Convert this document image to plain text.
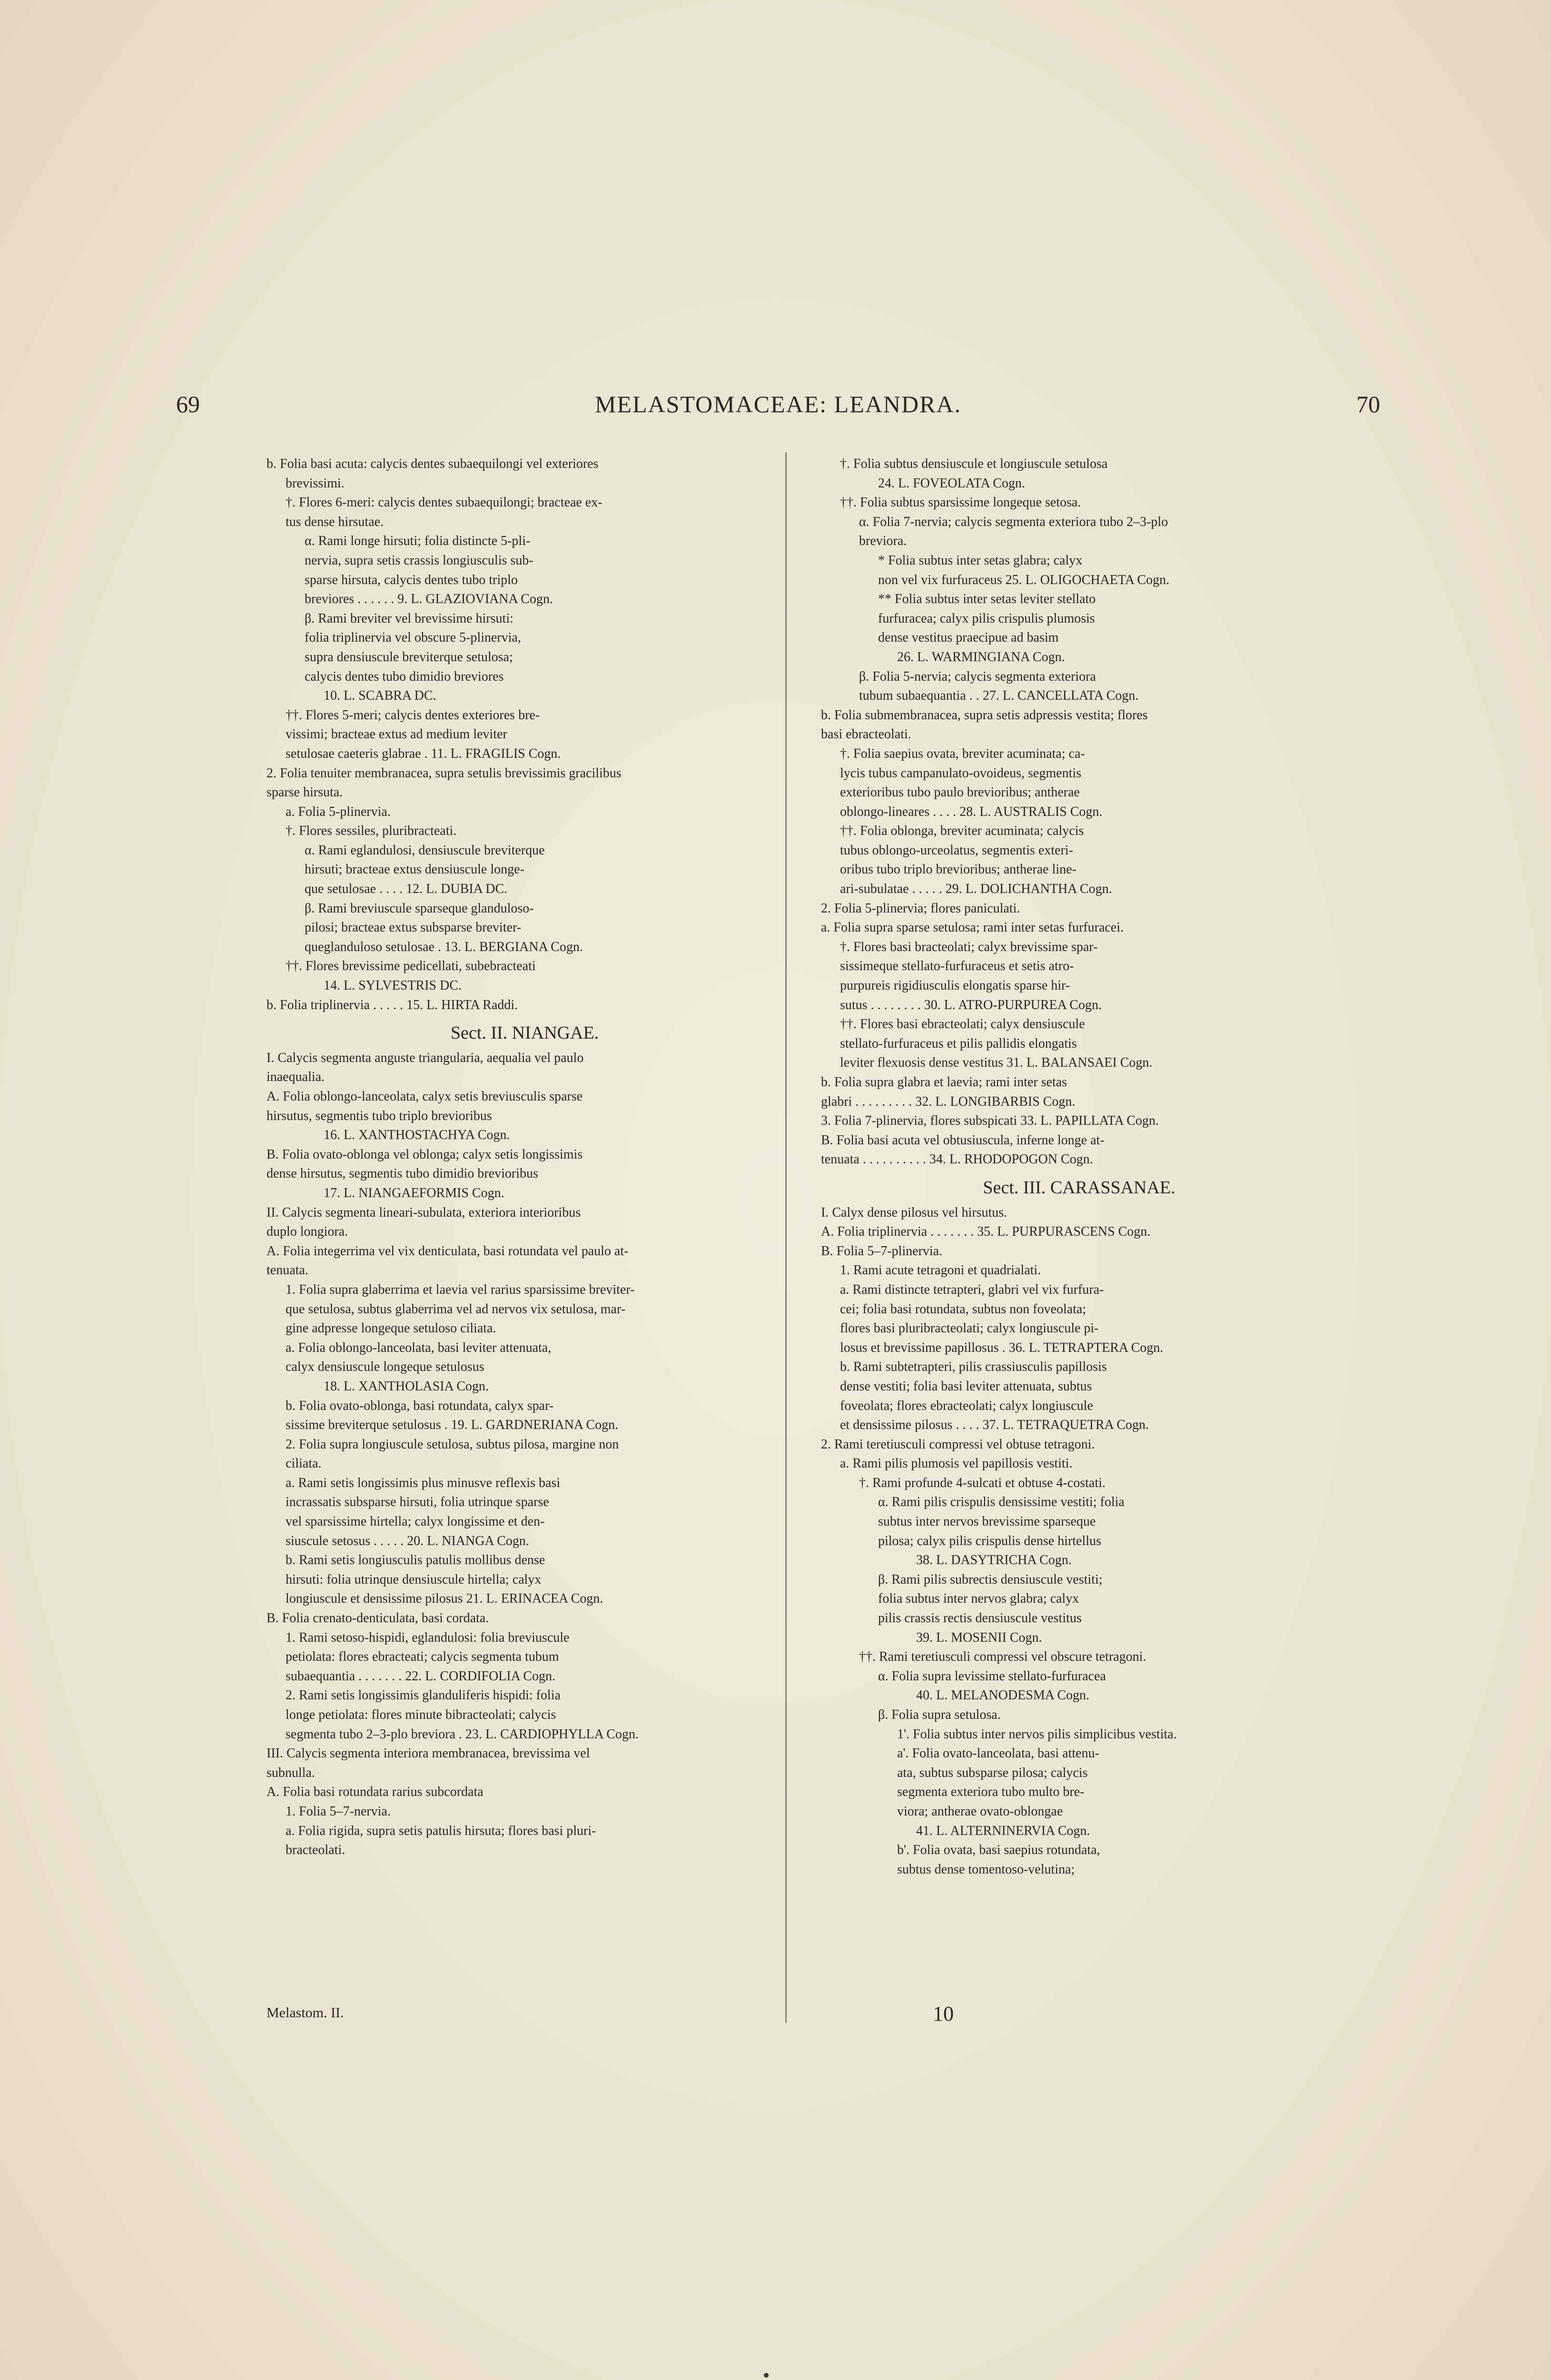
69	MELASTOMACEAE: LEANDRA.	70
b. Folia basi acuta: calycis dentes subaequilongi vel exteriores
brevissimi.
†. Flores 6-meri: calycis dentes subaequilongi; bracteae ex-
tus dense hirsutae.
α. Rami longe hirsuti; folia distincte 5-pli-
nervia, supra setis crassis longiusculis sub-
sparse hirsuta, calycis dentes tubo triplo
breviores . . . . . . 9. L. GLAZIOVIANA Cogn.
β. Rami breviter vel brevissime hirsuti:
folia triplinervia vel obscure 5-plinervia,
supra densiuscule breviterque setulosa;
calycis dentes tubo dimidio breviores
10. L. SCABRA DC.
††. Flores 5-meri; calycis dentes exteriores bre-
vissimi; bracteae extus ad medium leviter
setulosae caeteris glabrae . 11. L. FRAGILIS Cogn.
2. Folia tenuiter membranacea, supra setulis brevissimis gracilibus
sparse hirsuta.
a. Folia 5-plinervia.
†. Flores sessiles, pluribracteati.
α. Rami eglandulosi, densiuscule breviterque
hirsuti; bracteae extus densiuscule longe-
que setulosae . . . . 12. L. DUBIA DC.
β. Rami breviuscule sparseque glanduloso-
pilosi; bracteae extus subsparse breviter-
queglanduloso setulosae . 13. L. BERGIANA Cogn.
††. Flores brevissime pedicellati, subebracteati
14. L. SYLVESTRIS DC.
b. Folia triplinervia . . . . . 15. L. HIRTA Raddi.
Sect. II. NIANGAE.
I. Calycis segmenta anguste triangularia, aequalia vel paulo
inaequalia.
A. Folia oblongo-lanceolata, calyx setis breviusculis sparse
hirsutus, segmentis tubo triplo brevioribus
16. L. XANTHOSTACHYA Cogn.
B. Folia ovato-oblonga vel oblonga; calyx setis longissimis
dense hirsutus, segmentis tubo dimidio brevioribus
17. L. NIANGAEFORMIS Cogn.
II. Calycis segmenta lineari-subulata, exteriora interioribus
duplo longiora.
A. Folia integerrima vel vix denticulata, basi rotundata vel paulo at-
tenuata.
1. Folia supra glaberrima et laevia vel rarius sparsissime breviter-
que setulosa, subtus glaberrima vel ad nervos vix setulosa, mar-
gine adpresse longeque setuloso ciliata.
a. Folia oblongo-lanceolata, basi leviter attenuata,
calyx densiuscule longeque setulosus
18. L. XANTHOLASIA Cogn.
b. Folia ovato-oblonga, basi rotundata, calyx spar-
sissime breviterque setulosus . 19. L. GARDNERIANA Cogn.
2. Folia supra longiuscule setulosa, subtus pilosa, margine non
ciliata.
a. Rami setis longissimis plus minusve reflexis basi
incrassatis subsparse hirsuti, folia utrinque sparse
vel sparsissime hirtella; calyx longissime et den-
siuscule setosus . . . . . 20. L. NIANGA Cogn.
b. Rami setis longiusculis patulis mollibus dense
hirsuti: folia utrinque densiuscule hirtella; calyx
longiuscule et densissime pilosus 21. L. ERINACEA Cogn.
B. Folia crenato-denticulata, basi cordata.
1. Rami setoso-hispidi, eglandulosi: folia breviuscule
petiolata: flores ebracteati; calycis segmenta tubum
subaequantia . . . . . . . 22. L. CORDIFOLIA Cogn.
2. Rami setis longissimis glanduliferis hispidi: folia
longe petiolata: flores minute bibracteolati; calycis
segmenta tubo 2–3-plo breviora . 23. L. CARDIOPHYLLA Cogn.
III. Calycis segmenta interiora membranacea, brevissima vel
subnulla.
A. Folia basi rotundata rarius subcordata
1. Folia 5–7-nervia.
a. Folia rigida, supra setis patulis hirsuta; flores basi pluri-
bracteolati.
†. Folia subtus densiuscule et longiuscule setulosa
24. L. FOVEOLATA Cogn.
††. Folia subtus sparsissime longeque setosa.
α. Folia 7-nervia; calycis segmenta exteriora tubo 2–3-plo
breviora.
* Folia subtus inter setas glabra; calyx
non vel vix furfuraceus 25. L. OLIGOCHAETA Cogn.
** Folia subtus inter setas leviter stellato
furfuracea; calyx pilis crispulis plumosis
dense vestitus praecipue ad basim
26. L. WARMINGIANA Cogn.
β. Folia 5-nervia; calycis segmenta exteriora
tubum subaequantia . . 27. L. CANCELLATA Cogn.
b. Folia submembranacea, supra setis adpressis vestita; flores
basi ebracteolati.
†. Folia saepius ovata, breviter acuminata; ca-
lycis tubus campanulato-ovoideus, segmentis
exterioribus tubo paulo brevioribus; antherae
oblongo-lineares . . . . 28. L. AUSTRALIS Cogn.
††. Folia oblonga, breviter acuminata; calycis
tubus oblongo-urceolatus, segmentis exteri-
oribus tubo triplo brevioribus; antherae line-
ari-subulatae . . . . . 29. L. DOLICHANTHA Cogn.
2. Folia 5-plinervia; flores paniculati.
a. Folia supra sparse setulosa; rami inter setas furfuracei.
†. Flores basi bracteolati; calyx brevissime spar-
sissimeque stellato-furfuraceus et setis atro-
purpureis rigidiusculis elongatis sparse hir-
sutus . . . . . . . . 30. L. ATRO-PURPUREA Cogn.
††. Flores basi ebracteolati; calyx densiuscule
stellato-furfuraceus et pilis pallidis elongatis
leviter flexuosis dense vestitus 31. L. BALANSAEI Cogn.
b. Folia supra glabra et laevia; rami inter setas
glabri . . . . . . . . . 32. L. LONGIBARBIS Cogn.
3. Folia 7-plinervia, flores subspicati 33. L. PAPILLATA Cogn.
B. Folia basi acuta vel obtusiuscula, inferne longe at-
tenuata . . . . . . . . . . 34. L. RHODOPOGON Cogn.
Sect. III. CARASSANAE.
I. Calyx dense pilosus vel hirsutus.
A. Folia triplinervia . . . . . . . 35. L. PURPURASCENS Cogn.
B. Folia 5–7-plinervia.
1. Rami acute tetragoni et quadrialati.
a. Rami distincte tetrapteri, glabri vel vix furfura-
cei; folia basi rotundata, subtus non foveolata;
flores basi pluribracteolati; calyx longiuscule pi-
losus et brevissime papillosus . 36. L. TETRAPTERA Cogn.
b. Rami subtetrapteri, pilis crassiusculis papillosis
dense vestiti; folia basi leviter attenuata, subtus
foveolata; flores ebracteolati; calyx longiuscule
et densissime pilosus . . . . 37. L. TETRAQUETRA Cogn.
2. Rami teretiusculi compressi vel obtuse tetragoni.
a. Rami pilis plumosis vel papillosis vestiti.
†. Rami profunde 4-sulcati et obtuse 4-costati.
α. Rami pilis crispulis densissime vestiti; folia
subtus inter nervos brevissime sparseque
pilosa; calyx pilis crispulis dense hirtellus
38. L. DASYTRICHA Cogn.
β. Rami pilis subrectis densiuscule vestiti;
folia subtus inter nervos glabra; calyx
pilis crassis rectis densiuscule vestitus
39. L. MOSENII Cogn.
††. Rami teretiusculi compressi vel obscure tetragoni.
α. Folia supra levissime stellato-furfuracea
40. L. MELANODESMA Cogn.
β. Folia supra setulosa.
1'. Folia subtus inter nervos pilis simplicibus vestita.
a'. Folia ovato-lanceolata, basi attenu-
ata, subtus subsparse pilosa; calycis
segmenta exteriora tubo multo bre-
viora; antherae ovato-oblongae
41. L. ALTERNINERVIA Cogn.
b'. Folia ovata, basi saepius rotundata,
subtus dense tomentoso-velutina;
Melastom. II.	10
